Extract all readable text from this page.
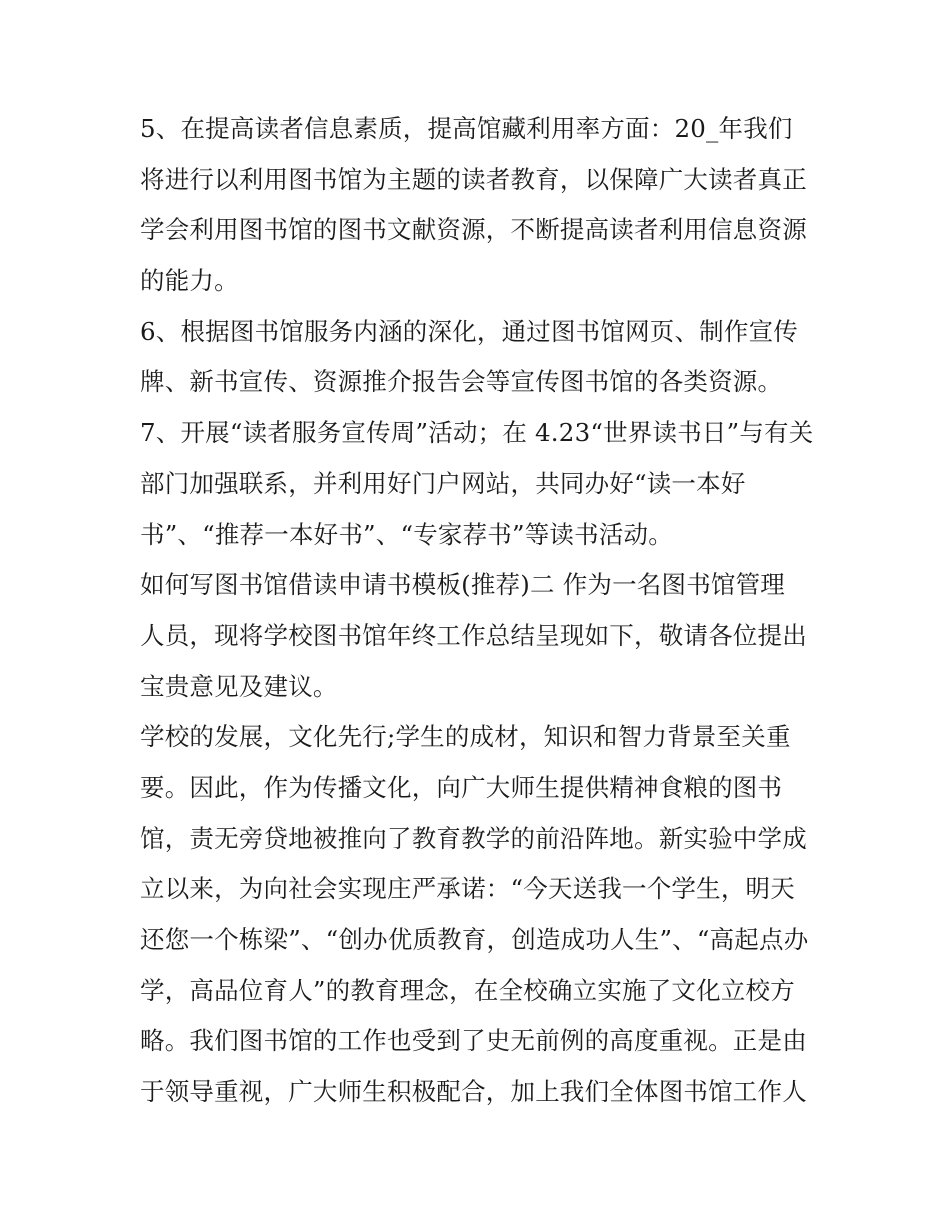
5、在提高读者信息素质，提高馆藏利用率方面：20_年我们
将进行以利用图书馆为主题的读者教育，以保障广大读者真正
学会利用图书馆的图书文献资源，不断提高读者利用信息资源
的能力。

6、根据图书馆服务内涵的深化，通过图书馆网页、制作宣传
牌、新书宣传、资源推介报告会等宣传图书馆的各类资源。

7、开展“读者服务宣传周”活动；在 4.23“世界读书日”与有关
部门加强联系，并利用好门户网站，共同办好“读一本好
书”、“推荐一本好书”、“专家荐书”等读书活动。

如何写图书馆借读申请书模板(推荐)二 作为一名图书馆管理
人员，现将学校图书馆年终工作总结呈现如下，敬请各位提出
宝贵意见及建议。

学校的发展，文化先行;学生的成材，知识和智力背景至关重
要。因此，作为传播文化，向广大师生提供精神食粮的图书
馆，责无旁贷地被推向了教育教学的前沿阵地。新实验中学成
立以来，为向社会实现庄严承诺：“今天送我一个学生，明天
还您一个栋梁”、“创办优质教育，创造成功人生”、“高起点办
学，高品位育人”的教育理念，在全校确立实施了文化立校方
略。我们图书馆的工作也受到了史无前例的高度重视。正是由
于领导重视，广大师生积极配合，加上我们全体图书馆工作人
